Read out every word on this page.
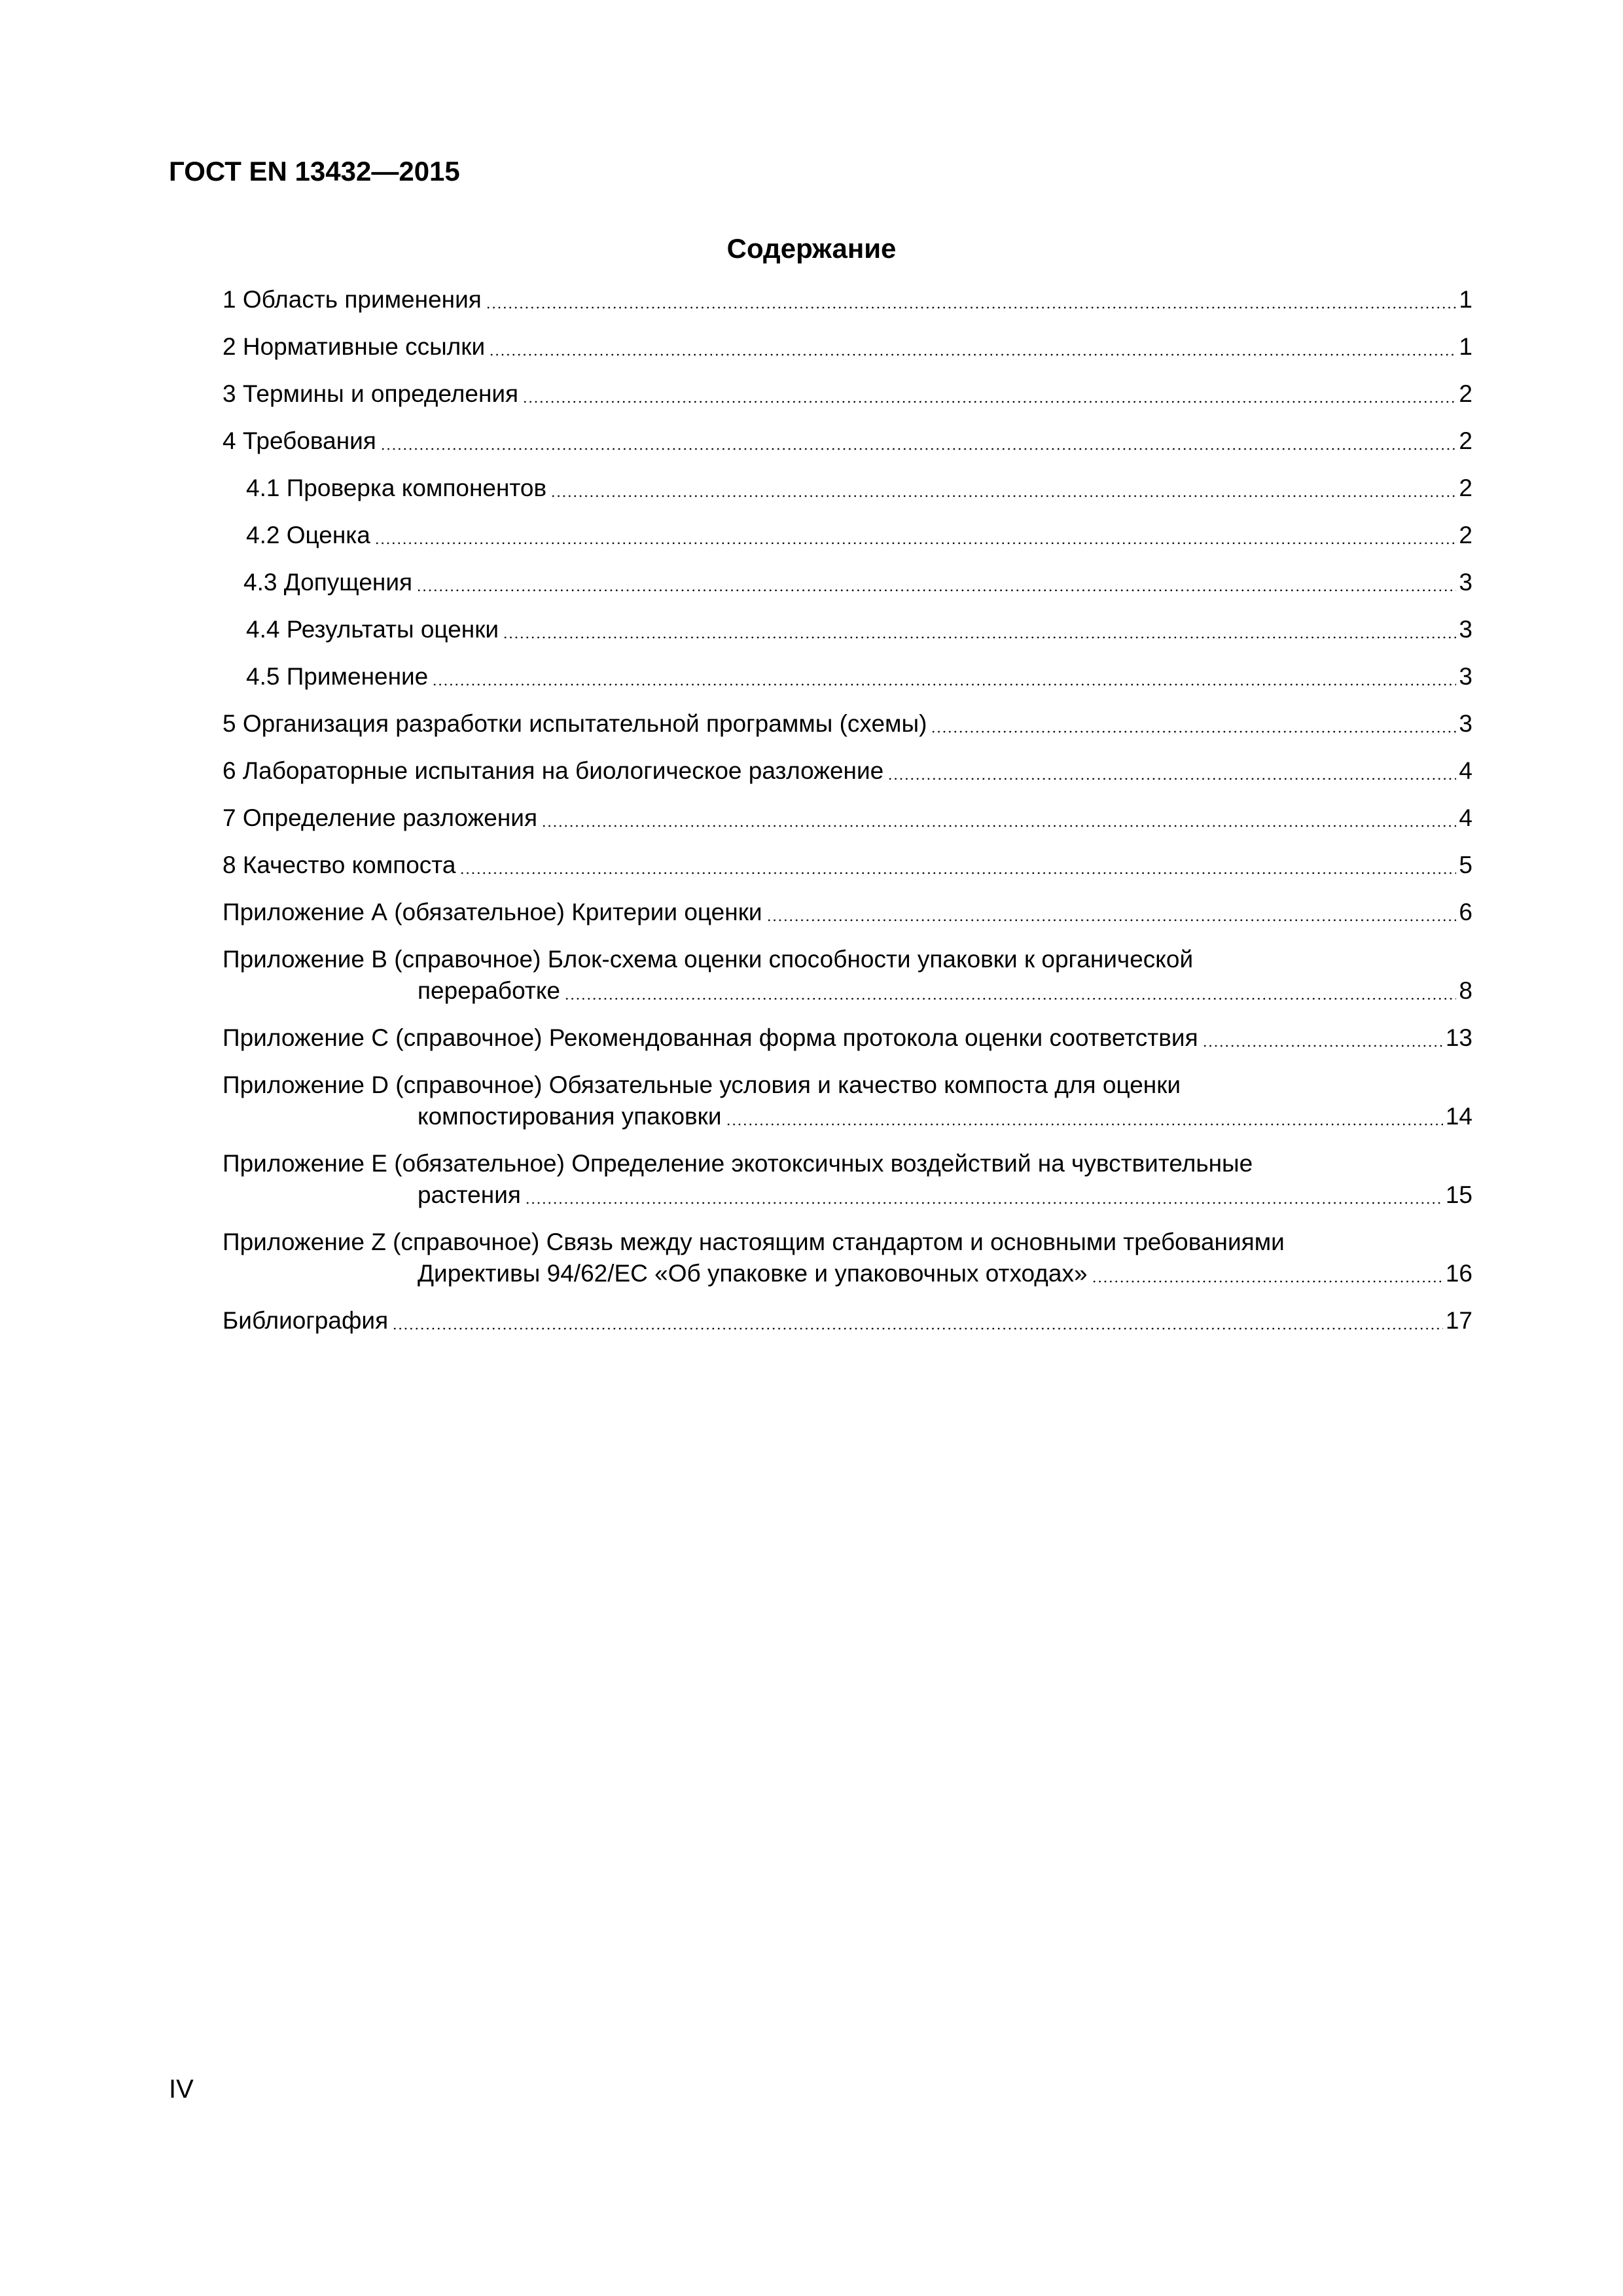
ГОСТ EN 13432—2015
Содержание
1 Область применения	1
2 Нормативные ссылки	1
3 Термины и определения	2
4 Требования	2
4.1 Проверка компонентов	2
4.2 Оценка	2
4.3 Допущения	3
4.4 Результаты оценки	3
4.5 Применение	3
5 Организация разработки испытательной программы (схемы)	3
6 Лабораторные испытания на биологическое разложение	4
7 Определение разложения	4
8 Качество компоста	5
Приложение А (обязательное) Критерии оценки	6
Приложение В (справочное) Блок-схема оценки способности упаковки к органической
переработке	8
Приложение С (справочное) Рекомендованная форма протокола оценки соответствия	13
Приложение D (справочное) Обязательные условия и качество компоста для оценки
компостирования упаковки	14
Приложение Е (обязательное) Определение экотоксичных воздействий на чувствительные
растения	15
Приложение Z (справочное) Связь между настоящим стандартом и основными требованиями
Директивы 94/62/ЕС «Об упаковке и упаковочных отходах»	16
Библиография	17
IV
